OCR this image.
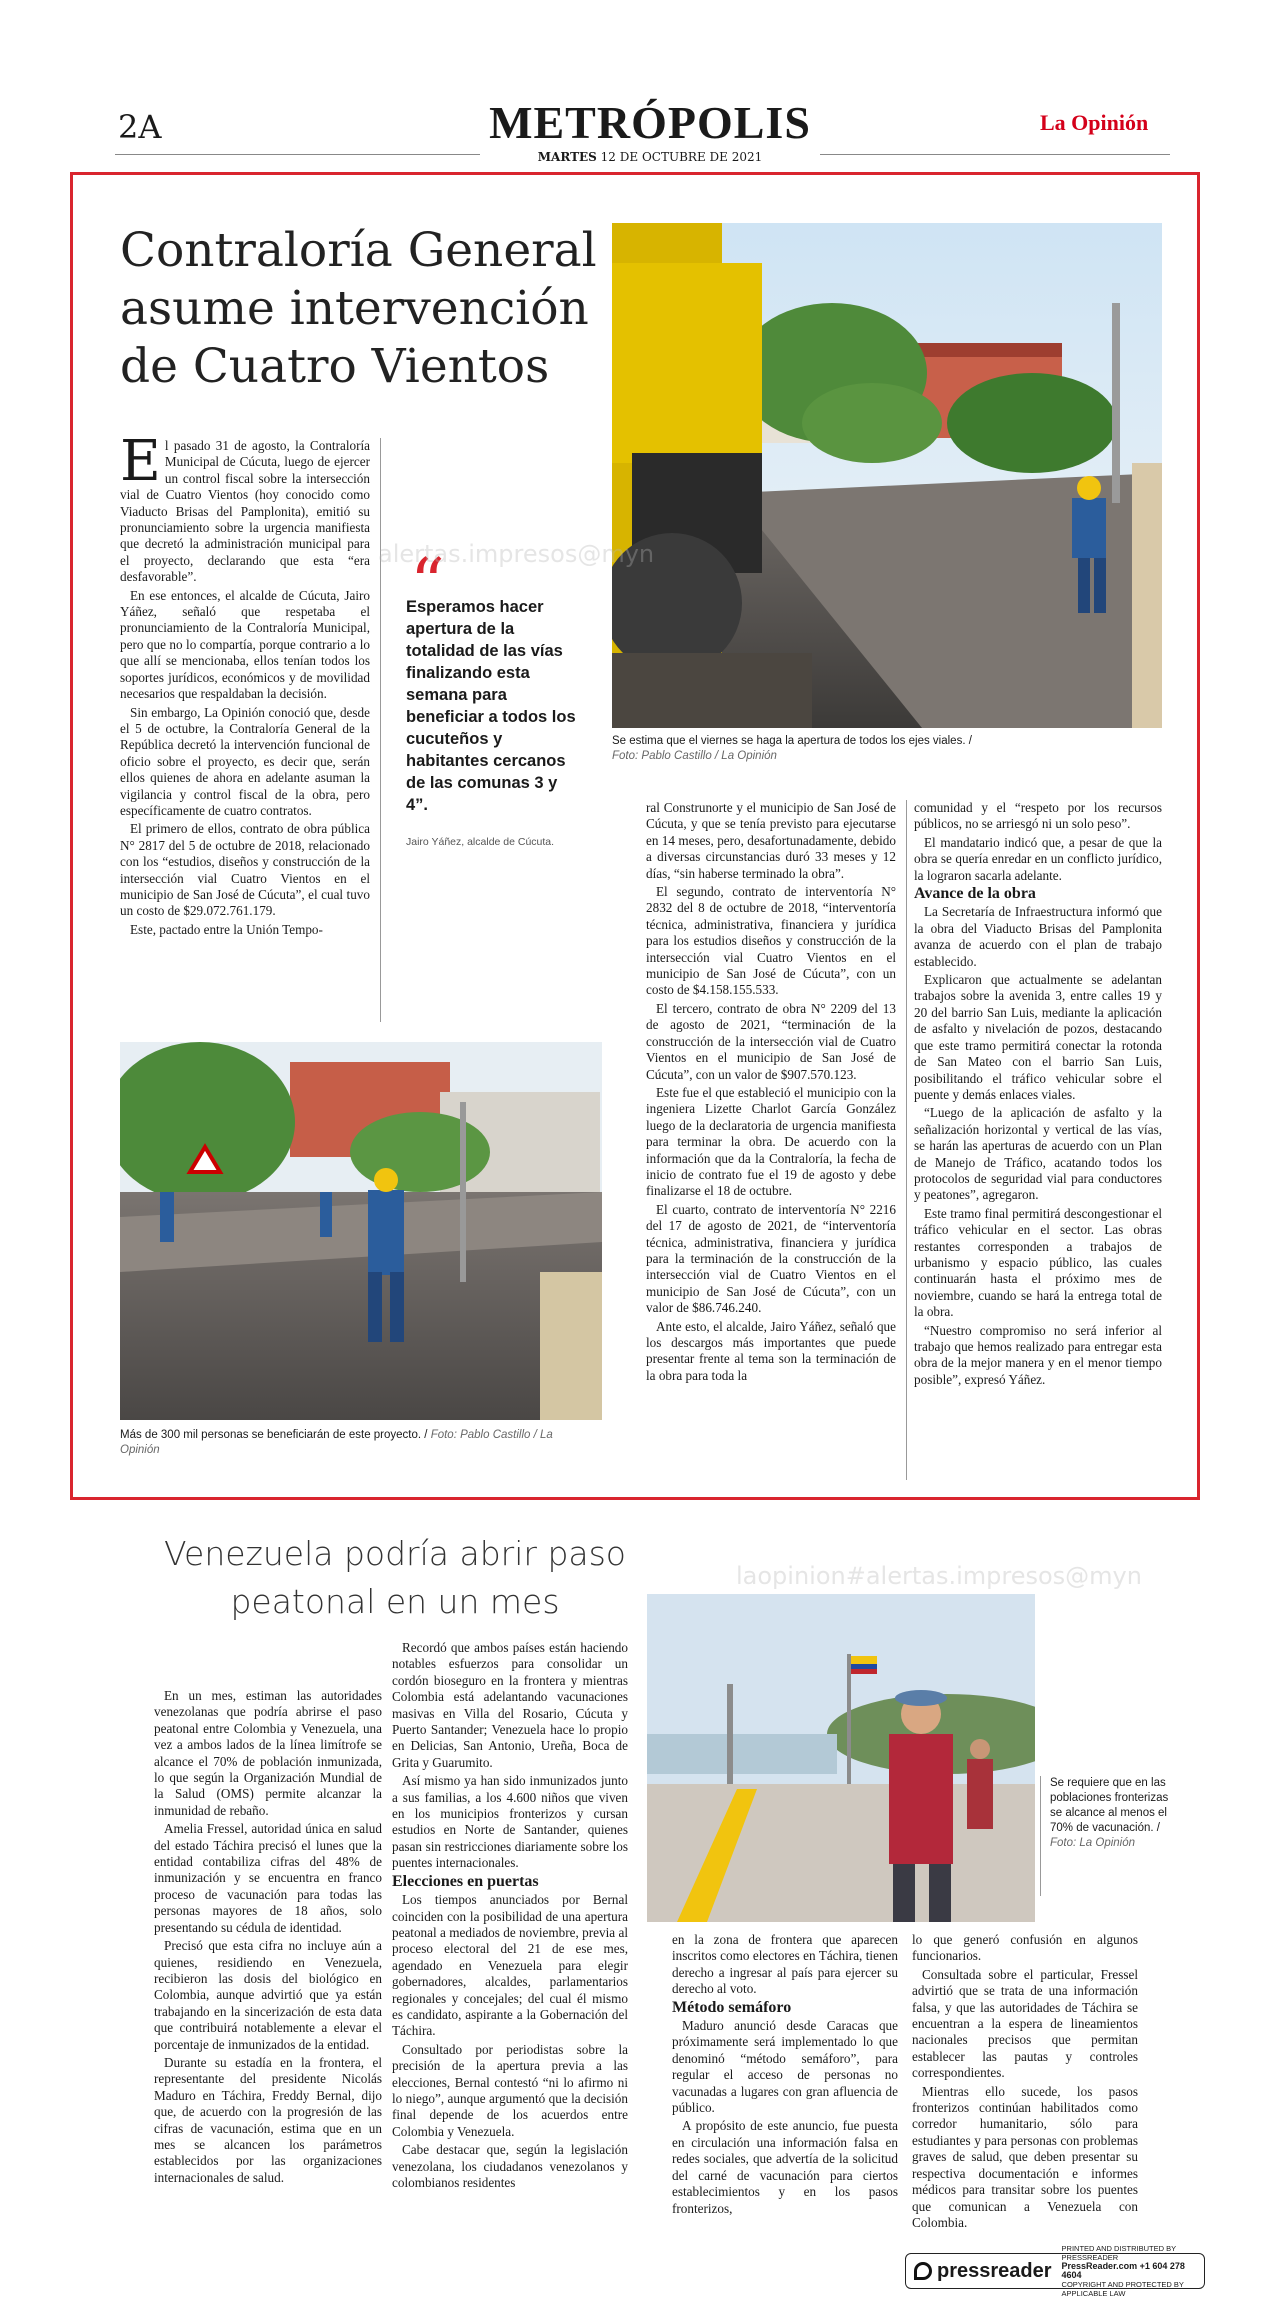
2A	METRÓPOLIS	La Opinión
MARTES 12 DE OCTUBRE DE 2021
Contraloría General asume intervención de Cuatro Vientos

El pasado 31 de agosto, la Contraloría Municipal de Cúcuta, luego de ejercer un control fiscal sobre la intersección vial de Cuatro Vientos (hoy conocido como Viaducto Brisas del Pamplonita), emitió su pronunciamiento sobre la urgencia manifiesta que decretó la administración municipal para el proyecto, declarando que esta “era desfavorable”.

En ese entonces, el alcalde de Cúcuta, Jairo Yáñez, señaló que respetaba el pronunciamiento de la Contraloría Municipal, pero que no lo compartía, porque contrario a lo que allí se mencionaba, ellos tenían todos los soportes jurídicos, económicos y de movilidad necesarios que respaldaban la decisión.

Sin embargo, La Opinión conoció que, desde el 5 de octubre, la Contraloría General de la República decretó la intervención funcional de oficio sobre el proyecto, es decir que, serán ellos quienes de ahora en adelante asuman la vigilancia y control fiscal de la obra, pero específicamente de cuatro contratos.

El primero de ellos, contrato de obra pública N° 2817 del 5 de octubre de 2018, relacionado con los “estudios, diseños y construcción de la intersección vial Cuatro Vientos en el municipio de San José de Cúcuta”, el cual tuvo un costo de $29.072.761.179.

Este, pactado entre la Unión Tempo-

“
Esperamos hacer apertura de la totalidad de las vías finalizando esta semana para beneficiar a todos los cucuteños y habitantes cercanos de las comunas 3 y 4”.
Jairo Yáñez, alcalde de Cúcuta.
Se estima que el viernes se haga la apertura de todos los ejes viales. /
Foto: Pablo Castillo / La Opinión
Más de 300 mil personas se beneficiarán de este proyecto. / Foto: Pablo Castillo / La Opinión

ral Construnorte y el municipio de San José de Cúcuta, y que se tenía previsto para ejecutarse en 14 meses, pero, desafortunadamente, debido a diversas circunstancias duró 33 meses y 12 días, “sin haberse terminado la obra”.

El segundo, contrato de interventoría N° 2832 del 8 de octubre de 2018, “interventoría técnica, administrativa, financiera y jurídica para los estudios diseños y construcción de la intersección vial Cuatro Vientos en el municipio de San José de Cúcuta”, con un costo de $4.158.155.533.

El tercero, contrato de obra N° 2209 del 13 de agosto de 2021, “terminación de la construcción de la intersección vial de Cuatro Vientos en el municipio de San José de Cúcuta”, con un valor de $907.570.123.

Este fue el que estableció el municipio con la ingeniera Lizette Charlot García González luego de la declaratoria de urgencia manifiesta para terminar la obra. De acuerdo con la información que da la Contraloría, la fecha de inicio de contrato fue el 19 de agosto y debe finalizarse el 18 de octubre.

El cuarto, contrato de interventoría N° 2216 del 17 de agosto de 2021, de “interventoría técnica, administrativa, financiera y jurídica para la terminación de la construcción de la intersección vial de Cuatro Vientos en el municipio de San José de Cúcuta”, con un valor de $86.746.240.

Ante esto, el alcalde, Jairo Yáñez, señaló que los descargos más importantes que puede presentar frente al tema son la terminación de la obra para toda la

comunidad y el “respeto por los recursos públicos, no se arriesgó ni un solo peso”.

El mandatario indicó que, a pesar de que la obra se quería enredar en un conflicto jurídico, la lograron sacarla adelante.

Avance de la obra

La Secretaría de Infraestructura informó que la obra del Viaducto Brisas del Pamplonita avanza de acuerdo con el plan de trabajo establecido.

Explicaron que actualmente se adelantan trabajos sobre la avenida 3, entre calles 19 y 20 del barrio San Luis, mediante la aplicación de asfalto y nivelación de pozos, destacando que este tramo permitirá conectar la rotonda de San Mateo con el barrio San Luis, posibilitando el tráfico vehicular sobre el puente y demás enlaces viales.

“Luego de la aplicación de asfalto y la señalización horizontal y vertical de las vías, se harán las aperturas de acuerdo con un Plan de Manejo de Tráfico, acatando todos los protocolos de seguridad vial para conductores y peatones”, agregaron.

Este tramo final permitirá descongestionar el tráfico vehicular en el sector. Las obras restantes corresponden a trabajos de urbanismo y espacio público, las cuales continuarán hasta el próximo mes de noviembre, cuando se hará la entrega total de la obra.

“Nuestro compromiso no será inferior al trabajo que hemos realizado para entregar esta obra de la mejor manera y en el menor tiempo posible”, expresó Yáñez.

Venezuela podría abrir paso peatonal en un mes
laopinion#alertas.impresos@myn
alertas.impresos@myn
Se requiere que en las poblaciones fronterizas se alcance al menos el 70% de vacunación. / Foto: La Opinión

En un mes, estiman las autoridades venezolanas que podría abrirse el paso peatonal entre Colombia y Venezuela, una vez a ambos lados de la línea limítrofe se alcance el 70% de población inmunizada, lo que según la Organización Mundial de la Salud (OMS) permite alcanzar la inmunidad de rebaño.

Amelia Fressel, autoridad única en salud del estado Táchira precisó el lunes que la entidad contabiliza cifras del 48% de inmunización y se encuentra en franco proceso de vacunación para todas las personas mayores de 18 años, solo presentando su cédula de identidad.

Precisó que esta cifra no incluye aún a quienes, residiendo en Venezuela, recibieron las dosis del biológico en Colombia, aunque advirtió que ya están trabajando en la sincerización de esta data que contribuirá notablemente a elevar el porcentaje de inmunizados de la entidad.

Durante su estadía en la frontera, el representante del presidente Nicolás Maduro en Táchira, Freddy Bernal, dijo que, de acuerdo con la progresión de las cifras de vacunación, estima que en un mes se alcancen los parámetros establecidos por las organizaciones internacionales de salud.

Recordó que ambos países están haciendo notables esfuerzos para consolidar un cordón bioseguro en la frontera y mientras Colombia está adelantando vacunaciones masivas en Villa del Rosario, Cúcuta y Puerto Santander; Venezuela hace lo propio en Delicias, San Antonio, Ureña, Boca de Grita y Guarumito.

Así mismo ya han sido inmunizados junto a sus familias, a los 4.600 niños que viven en los municipios fronterizos y cursan estudios en Norte de Santander, quienes pasan sin restricciones diariamente sobre los puentes internacionales.

Elecciones en puertas

Los tiempos anunciados por Bernal coinciden con la posibilidad de una apertura peatonal a mediados de noviembre, previa al proceso electoral del 21 de ese mes, agendado en Venezuela para elegir gobernadores, alcaldes, parlamentarios regionales y concejales; del cual él mismo es candidato, aspirante a la Gobernación del Táchira.

Consultado por periodistas sobre la precisión de la apertura previa a las elecciones, Bernal contestó “ni lo afirmo ni lo niego”, aunque argumentó que la decisión final depende de los acuerdos entre Colombia y Venezuela.

Cabe destacar que, según la legislación venezolana, los ciudadanos venezolanos y colombianos residentes

en la zona de frontera que aparecen inscritos como electores en Táchira, tienen derecho a ingresar al país para ejercer su derecho al voto.

Método semáforo

Maduro anunció desde Caracas que próximamente será implementado lo que denominó “método semáforo”, para regular el acceso de personas no vacunadas a lugares con gran afluencia de público.

A propósito de este anuncio, fue puesta en circulación una información falsa en redes sociales, que advertía de la solicitud del carné de vacunación para ciertos establecimientos y en los pasos fronterizos,

lo que generó confusión en algunos funcionarios.

Consultada sobre el particular, Fressel advirtió que se trata de una información falsa, y que las autoridades de Táchira se encuentran a la espera de lineamientos nacionales precisos que permitan establecer las pautas y controles correspondientes.

Mientras ello sucede, los pasos fronterizos continúan habilitados como corredor humanitario, sólo para estudiantes y para personas con problemas graves de salud, que deben presentar su respectiva documentación e informes médicos para transitar sobre los puentes que comunican a Venezuela con Colombia.

pressreader
PRINTED AND DISTRIBUTED BY PRESSREADER
PressReader.com +1 604 278 4604
COPYRIGHT AND PROTECTED BY APPLICABLE LAW
